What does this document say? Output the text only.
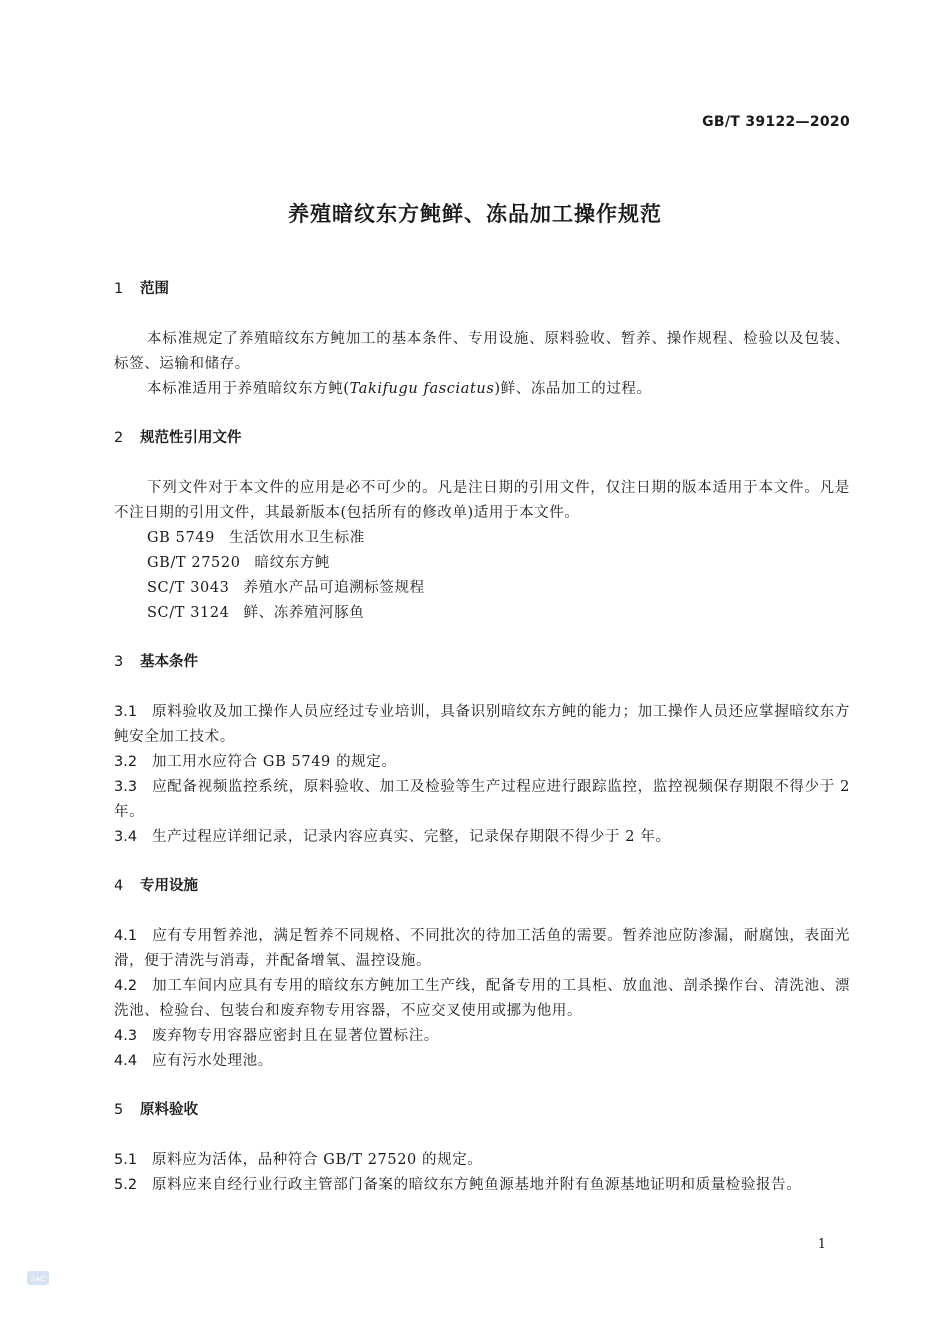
GB/T 39122—2020
养殖暗纹东方鲀鲜、冻品加工操作规范
1 范围

本标准规定了养殖暗纹东方鲀加工的基本条件、专用设施、原料验收、暂养、操作规程、检验以及包装、标签、运输和储存。

本标准适用于养殖暗纹东方鲀(Takifugu fasciatus)鲜、冻品加工的过程。

2 规范性引用文件

下列文件对于本文件的应用是必不可少的。凡是注日期的引用文件，仅注日期的版本适用于本文件。凡是不注日期的引用文件，其最新版本(包括所有的修改单)适用于本文件。

GB 5749 生活饮用水卫生标准
GB/T 27520 暗纹东方鲀
SC/T 3043 养殖水产品可追溯标签规程
SC/T 3124 鲜、冻养殖河豚鱼
3 基本条件

3.1 原料验收及加工操作人员应经过专业培训，具备识别暗纹东方鲀的能力；加工操作人员还应掌握暗纹东方鲀安全加工技术。

3.2 加工用水应符合 GB 5749 的规定。

3.3 应配备视频监控系统，原料验收、加工及检验等生产过程应进行跟踪监控，监控视频保存期限不得少于 2 年。

3.4 生产过程应详细记录，记录内容应真实、完整，记录保存期限不得少于 2 年。

4 专用设施

4.1 应有专用暂养池，满足暂养不同规格、不同批次的待加工活鱼的需要。暂养池应防渗漏，耐腐蚀，表面光滑，便于清洗与消毒，并配备增氧、温控设施。

4.2 加工车间内应具有专用的暗纹东方鲀加工生产线，配备专用的工具柜、放血池、剖杀操作台、清洗池、漂洗池、检验台、包装台和废弃物专用容器，不应交叉使用或挪为他用。

4.3 废弃物专用容器应密封且在显著位置标注。

4.4 应有污水处理池。

5 原料验收

5.1 原料应为活体，品种符合 GB/T 27520 的规定。

5.2 原料应来自经行业行政主管部门备案的暗纹东方鲀鱼源基地并附有鱼源基地证明和质量检验报告。

1
SAC
